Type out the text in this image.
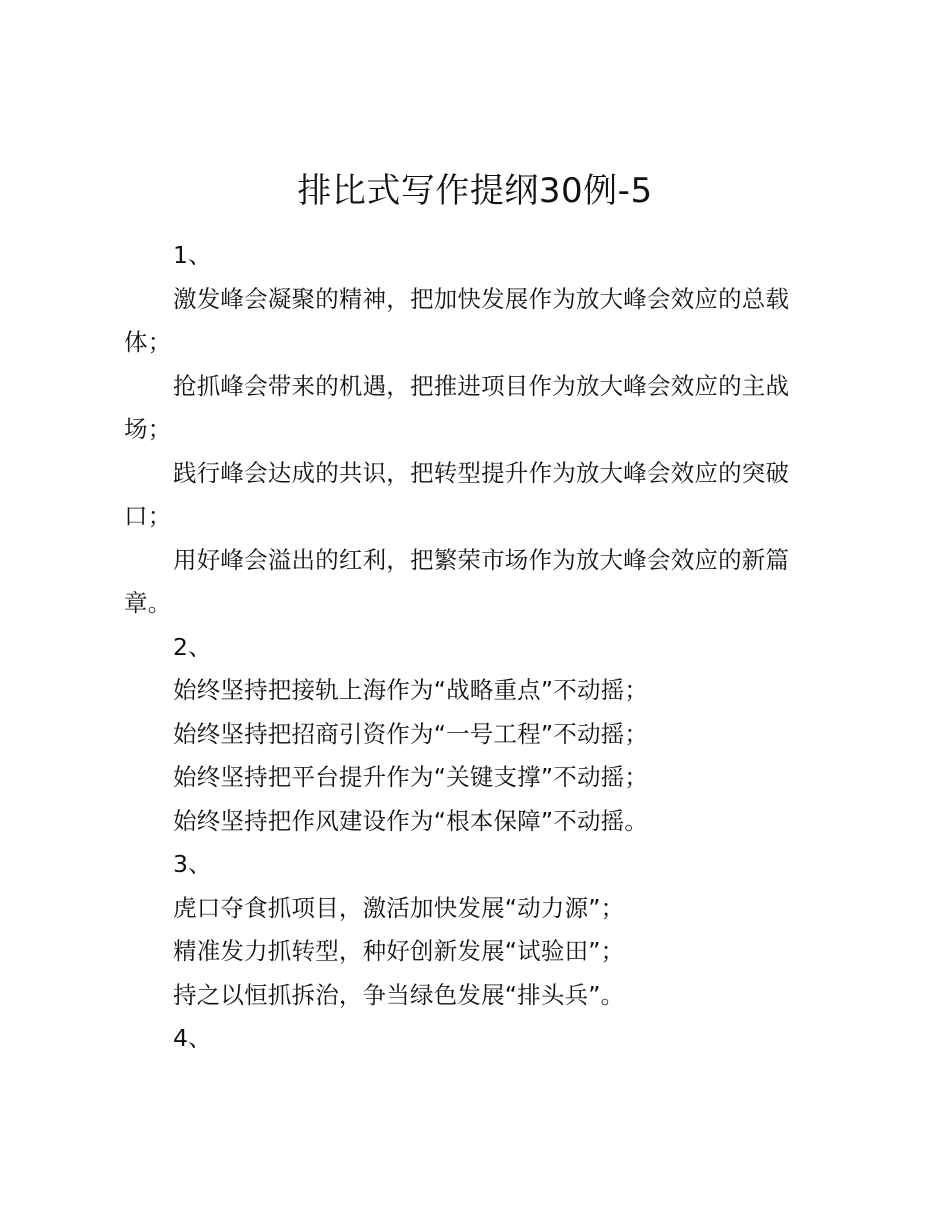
排比式写作提纲30例-5

1、

激发峰会凝聚的精神，把加快发展作为放大峰会效应的总载体；

抢抓峰会带来的机遇，把推进项目作为放大峰会效应的主战场；

践行峰会达成的共识，把转型提升作为放大峰会效应的突破口；

用好峰会溢出的红利，把繁荣市场作为放大峰会效应的新篇章。

2、

始终坚持把接轨上海作为“战略重点”不动摇；

始终坚持把招商引资作为“一号工程”不动摇；

始终坚持把平台提升作为“关键支撑”不动摇；

始终坚持把作风建设作为“根本保障”不动摇。

3、

虎口夺食抓项目，激活加快发展“动力源”；

精准发力抓转型，种好创新发展“试验田”；

持之以恒抓拆治，争当绿色发展“排头兵”。

4、
